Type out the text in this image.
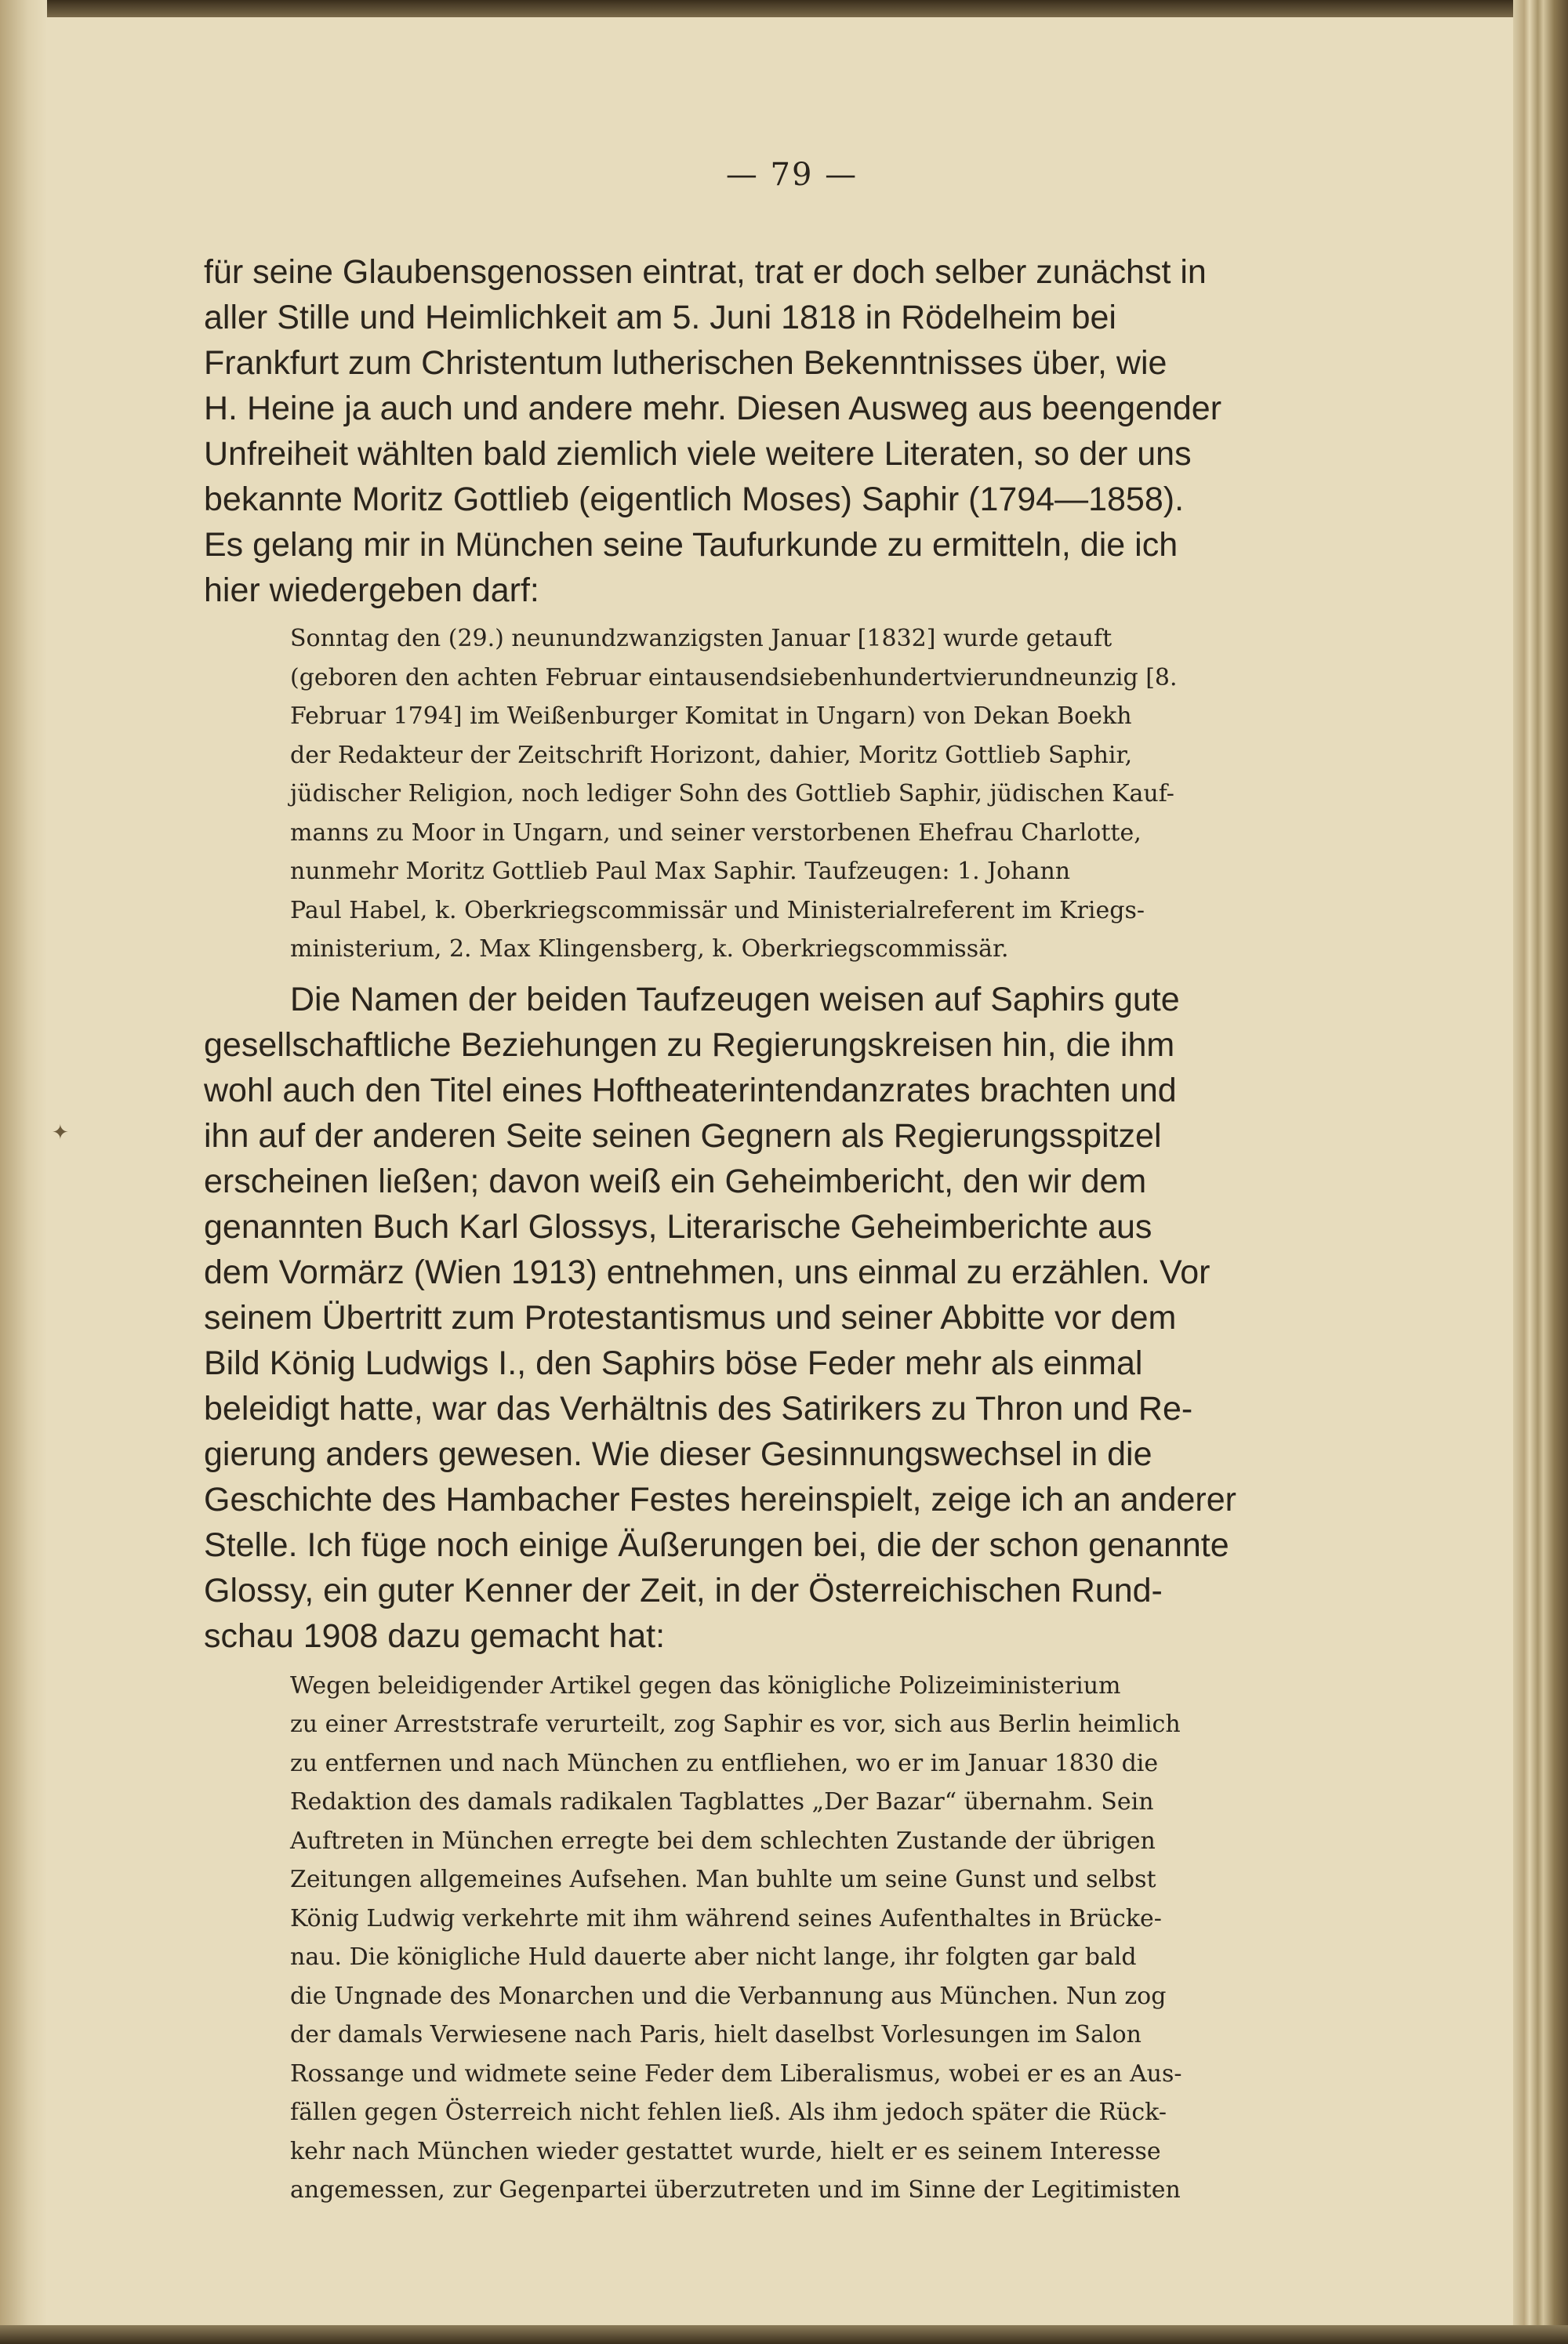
✦
— 79 —
für seine Glaubensgenossen eintrat, trat er doch selber zunächst in
aller Stille und Heimlichkeit am 5. Juni 1818 in Rödelheim bei
Frankfurt zum Christentum lutherischen Bekenntnisses über, wie
H. Heine ja auch und andere mehr. Diesen Ausweg aus beengender
Unfreiheit wählten bald ziemlich viele weitere Literaten, so der uns
bekannte Moritz Gottlieb (eigentlich Moses) Saphir (1794—1858).
Es gelang mir in München seine Taufurkunde zu ermitteln, die ich
hier wiedergeben darf:
Sonntag den (29.) neunundzwanzigsten Januar [1832] wurde getauft
(geboren den achten Februar eintausendsiebenhundertvierundneunzig [8.
Februar 1794] im Weißenburger Komitat in Ungarn) von Dekan Boekh
der Redakteur der Zeitschrift Horizont, dahier, Moritz Gottlieb Saphir,
jüdischer Religion, noch lediger Sohn des Gottlieb Saphir, jüdischen Kauf-
manns zu Moor in Ungarn, und seiner verstorbenen Ehefrau Charlotte,
nunmehr Moritz Gottlieb Paul Max Saphir. Taufzeugen: 1. Johann
Paul Habel, k. Oberkriegscommissär und Ministerialreferent im Kriegs-
ministerium, 2. Max Klingensberg, k. Oberkriegscommissär.
Die Namen der beiden Taufzeugen weisen auf Saphirs gute
gesellschaftliche Beziehungen zu Regierungskreisen hin, die ihm
wohl auch den Titel eines Hoftheaterintendanzrates brachten und
ihn auf der anderen Seite seinen Gegnern als Regierungsspitzel
erscheinen ließen; davon weiß ein Geheimbericht, den wir dem
genannten Buch Karl Glossys, Literarische Geheimberichte aus
dem Vormärz (Wien 1913) entnehmen, uns einmal zu erzählen. Vor
seinem Übertritt zum Protestantismus und seiner Abbitte vor dem
Bild König Ludwigs I., den Saphirs böse Feder mehr als einmal
beleidigt hatte, war das Verhältnis des Satirikers zu Thron und Re-
gierung anders gewesen. Wie dieser Gesinnungswechsel in die
Geschichte des Hambacher Festes hereinspielt, zeige ich an anderer
Stelle. Ich füge noch einige Äußerungen bei, die der schon genannte
Glossy, ein guter Kenner der Zeit, in der Österreichischen Rund-
schau 1908 dazu gemacht hat:
Wegen beleidigender Artikel gegen das königliche Polizeiministerium
zu einer Arreststrafe verurteilt, zog Saphir es vor, sich aus Berlin heimlich
zu entfernen und nach München zu entfliehen, wo er im Januar 1830 die
Redaktion des damals radikalen Tagblattes „Der Bazar“ übernahm. Sein
Auftreten in München erregte bei dem schlechten Zustande der übrigen
Zeitungen allgemeines Aufsehen. Man buhlte um seine Gunst und selbst
König Ludwig verkehrte mit ihm während seines Aufenthaltes in Brücke-
nau. Die königliche Huld dauerte aber nicht lange, ihr folgten gar bald
die Ungnade des Monarchen und die Verbannung aus München. Nun zog
der damals Verwiesene nach Paris, hielt daselbst Vorlesungen im Salon
Rossange und widmete seine Feder dem Liberalismus, wobei er es an Aus-
fällen gegen Österreich nicht fehlen ließ. Als ihm jedoch später die Rück-
kehr nach München wieder gestattet wurde, hielt er es seinem Interesse
angemessen, zur Gegenpartei überzutreten und im Sinne der Legitimisten
